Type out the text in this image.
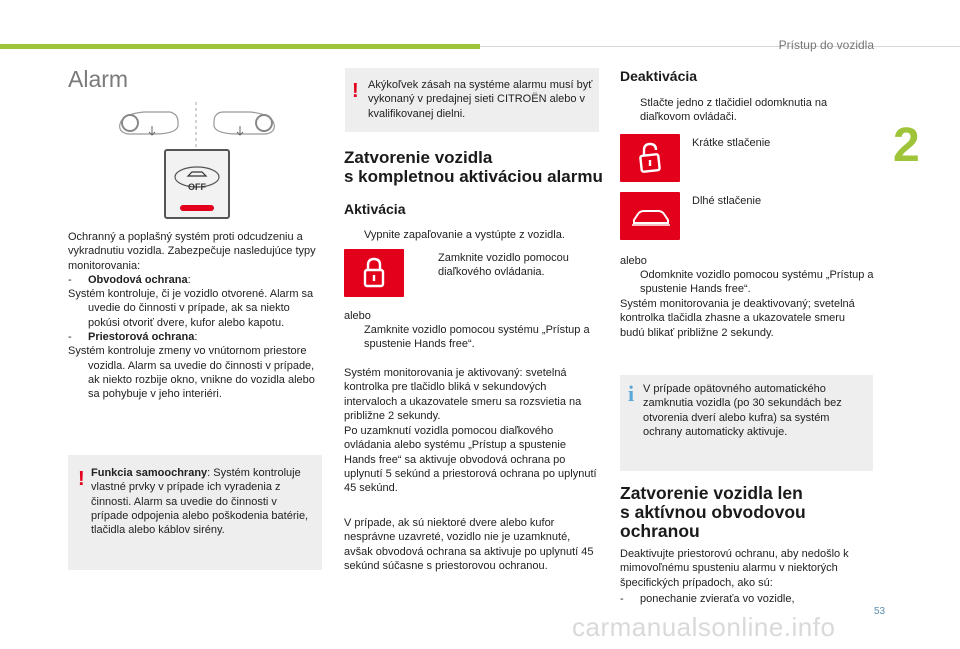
Prístup do vozidla
2
Alarm
OFF

Ochranný a poplašný systém proti odcudzeniu a vykradnutiu vozidla. Zabezpečuje nasledujúce typy monitorovania:

- Obvodová ochrana:

Systém kontroluje, či je vozidlo otvorené. Alarm sa uvedie do činnosti v prípade, ak sa niekto pokúsi otvoriť dvere, kufor alebo kapotu.

- Priestorová ochrana:

Systém kontroluje zmeny vo vnútornom priestore vozidla. Alarm sa uvedie do činnosti v prípade, ak niekto rozbije okno, vnikne do vozidla alebo sa pohybuje v jeho interiéri.

! Funkcia samoochrany: Systém kontroluje vlastné prvky v prípade ich vyradenia z činnosti. Alarm sa uvedie do činnosti v prípade odpojenia alebo poškodenia batérie, tlačidla alebo káblov sirény.
! Akýkoľvek zásah na systéme alarmu musí byť vykonaný v predajnej sieti CITROËN alebo v kvalifikovanej dielni.
Zatvorenie vozidla
s kompletnou aktiváciou alarmu
Aktivácia
Vypnite zapaľovanie a vystúpte z vozidla.
Zamknite vozidlo pomocou diaľkového ovládania.
alebo
Zamknite vozidlo pomocou systému „Prístup a spustenie Hands free“.
Systém monitorovania je aktivovaný: svetelná kontrolka pre tlačidlo bliká v sekundových intervaloch a ukazovatele smeru sa rozsvietia na približne 2 sekundy.
Po uzamknutí vozidla pomocou diaľkového ovládania alebo systému „Prístup a spustenie Hands free“ sa aktivuje obvodová ochrana po uplynutí 5 sekúnd a priestorová ochrana po uplynutí 45 sekúnd.
V prípade, ak sú niektoré dvere alebo kufor nesprávne uzavreté, vozidlo nie je uzamknuté, avšak obvodová ochrana sa aktivuje po uplynutí 45 sekúnd súčasne s priestorovou ochranou.
Deaktivácia
Stlačte jedno z tlačidiel odomknutia na diaľkovom ovládači.
Krátke stlačenie
Dlhé stlačenie
alebo
Odomknite vozidlo pomocou systému „Prístup a spustenie Hands free“.
Systém monitorovania je deaktivovaný; svetelná kontrolka tlačidla zhasne a ukazovatele smeru budú blikať približne 2 sekundy.
i V prípade opätovného automatického zamknutia vozidla (po 30 sekundách bez otvorenia dverí alebo kufra) sa systém ochrany automaticky aktivuje.
Zatvorenie vozidla len
s aktívnou obvodovou
ochranou
Deaktivujte priestorovú ochranu, aby nedošlo k mimovoľnému spusteniu alarmu v niektorých špecifických prípadoch, ako sú:
- ponechanie zvieraťa vo vozidle,
carmanualsonline.info
53
